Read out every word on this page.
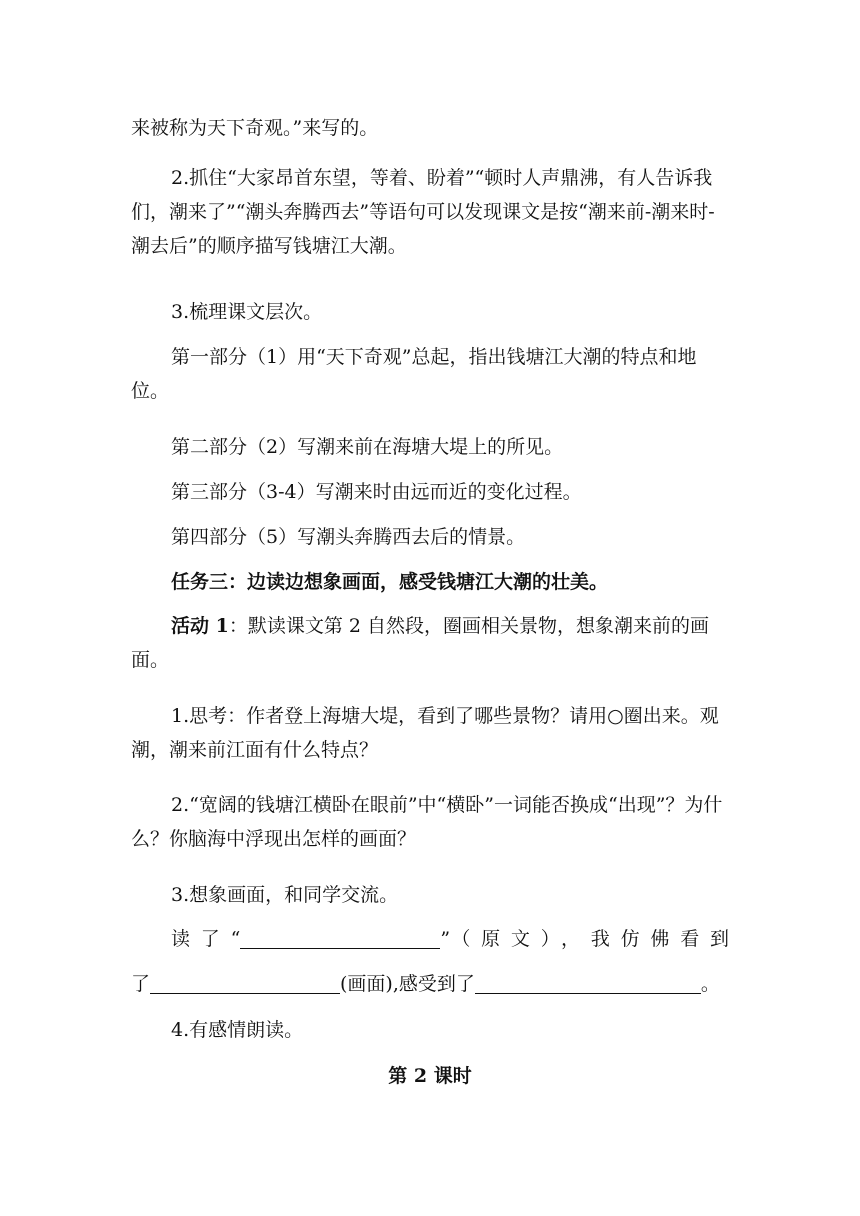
来被称为天下奇观。”来写的。

2.抓住“大家昂首东望，等着、盼着”“顿时人声鼎沸，有人告诉我们，潮来了”“潮头奔腾西去”等语句可以发现课文是按“潮来前-潮来时-潮去后”的顺序描写钱塘江大潮。

3.梳理课文层次。

第一部分（1）用“天下奇观”总起，指出钱塘江大潮的特点和地位。

第二部分（2）写潮来前在海塘大堤上的所见。

第三部分（3-4）写潮来时由远而近的变化过程。

第四部分（5）写潮头奔腾西去后的情景。

任务三：边读边想象画面，感受钱塘江大潮的壮美。

活动 1：默读课文第 2 自然段，圈画相关景物，想象潮来前的画面。

1.思考：作者登上海塘大堤，看到了哪些景物？请用○圈出来。观潮，潮来前江面有什么特点？

2.“宽阔的钱塘江横卧在眼前”中“横卧”一词能否换成“出现”？为什么？你脑海中浮现出怎样的画面？

3.想象画面，和同学交流。

读了“	”（原文），我仿佛看到
了	(画面),感受到了	。

4.有感情朗读。

第 2 课时
